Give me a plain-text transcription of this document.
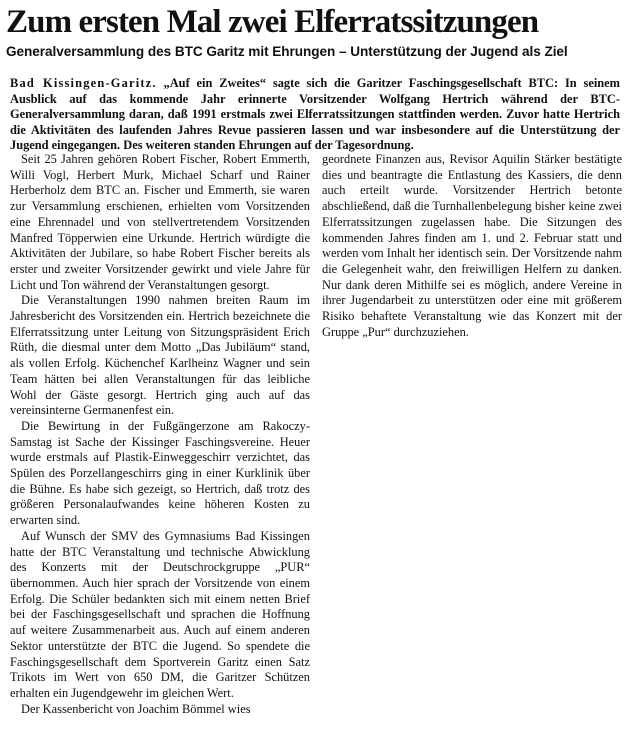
Zum ersten Mal zwei Elferratssitzungen
Generalversammlung des BTC Garitz mit Ehrungen – Unterstützung der Jugend als Ziel

Bad Kissingen-Garitz. „Auf ein Zweites“ sagte sich die Garitzer Faschingsgesellschaft BTC: In seinem Ausblick auf das kommende Jahr erinnerte Vorsitzender Wolfgang Hertrich während der BTC-Generalversammlung daran, daß 1991 erstmals zwei Elferratssitzungen stattfinden werden. Zuvor hatte Hertrich die Aktivitäten des laufenden Jahres Revue passieren lassen und war insbesondere auf die Unterstützung der Jugend eingegangen. Des weiteren standen Ehrungen auf der Tagesordnung.

Seit 25 Jahren gehören Robert Fischer, Robert Emmerth, Willi Vogl, Herbert Murk, Michael Scharf und Rainer Herberholz dem BTC an. Fischer und Emmerth, sie waren zur Versammlung erschienen, erhielten vom Vorsitzenden eine Ehrennadel und von stellvertretendem Vorsitzenden Manfred Töpperwien eine Urkunde. Hertrich würdigte die Aktivitäten der Jubilare, so habe Robert Fischer bereits als erster und zweiter Vorsitzender gewirkt und viele Jahre für Licht und Ton während der Veranstaltungen gesorgt.

Die Veranstaltungen 1990 nahmen breiten Raum im Jahresbericht des Vorsitzenden ein. Hertrich bezeichnete die Elferratssitzung unter Leitung von Sitzungspräsident Erich Rüth, die diesmal unter dem Motto „Das Jubiläum“ stand, als vollen Erfolg. Küchenchef Karlheinz Wagner und sein Team hätten bei allen Veranstaltungen für das leibliche Wohl der Gäste gesorgt. Hertrich ging auch auf das vereinsinterne Germanenfest ein.

Die Bewirtung in der Fußgängerzone am Rakoczy-Samstag ist Sache der Kissinger Faschingsvereine. Heuer wurde erstmals auf Plastik-Einweggeschirr verzichtet, das Spülen des Porzellangeschirrs ging in einer Kurklinik über die Bühne. Es habe sich gezeigt, so Hertrich, daß trotz des größeren Personalaufwandes keine höheren Kosten zu erwarten sind.

Auf Wunsch der SMV des Gymnasiums Bad Kissingen hatte der BTC Veranstaltung und technische Abwicklung des Konzerts mit der Deutschrockgruppe „PUR“ übernommen. Auch hier sprach der Vorsitzende von einem Erfolg. Die Schüler bedankten sich mit einem netten Brief bei der Faschingsgesellschaft und sprachen die Hoffnung auf weitere Zusammenarbeit aus. Auch auf einem anderen Sektor unterstützte der BTC die Jugend. So spendete die Faschingsgesellschaft dem Sportverein Garitz einen Satz Trikots im Wert von 650 DM, die Garitzer Schützen erhalten ein Jugendgewehr im gleichen Wert.

Der Kassenbericht von Joachim Bömmel wies

geordnete Finanzen aus, Revisor Aquilin Stärker bestätigte dies und beantragte die Entlastung des Kassiers, die denn auch erteilt wurde. Vorsitzender Hertrich betonte abschließend, daß die Turnhallenbelegung bisher keine zwei Elferratssitzungen zugelassen habe. Die Sitzungen des kommenden Jahres finden am 1. und 2. Februar statt und werden vom Inhalt her identisch sein. Der Vorsitzende nahm die Gelegenheit wahr, den freiwilligen Helfern zu danken. Nur dank deren Mithilfe sei es möglich, andere Vereine in ihrer Jugendarbeit zu unterstützen oder eine mit größerem Risiko behaftete Veranstaltung wie das Konzert mit der Gruppe „Pur“ durchzuziehen.
